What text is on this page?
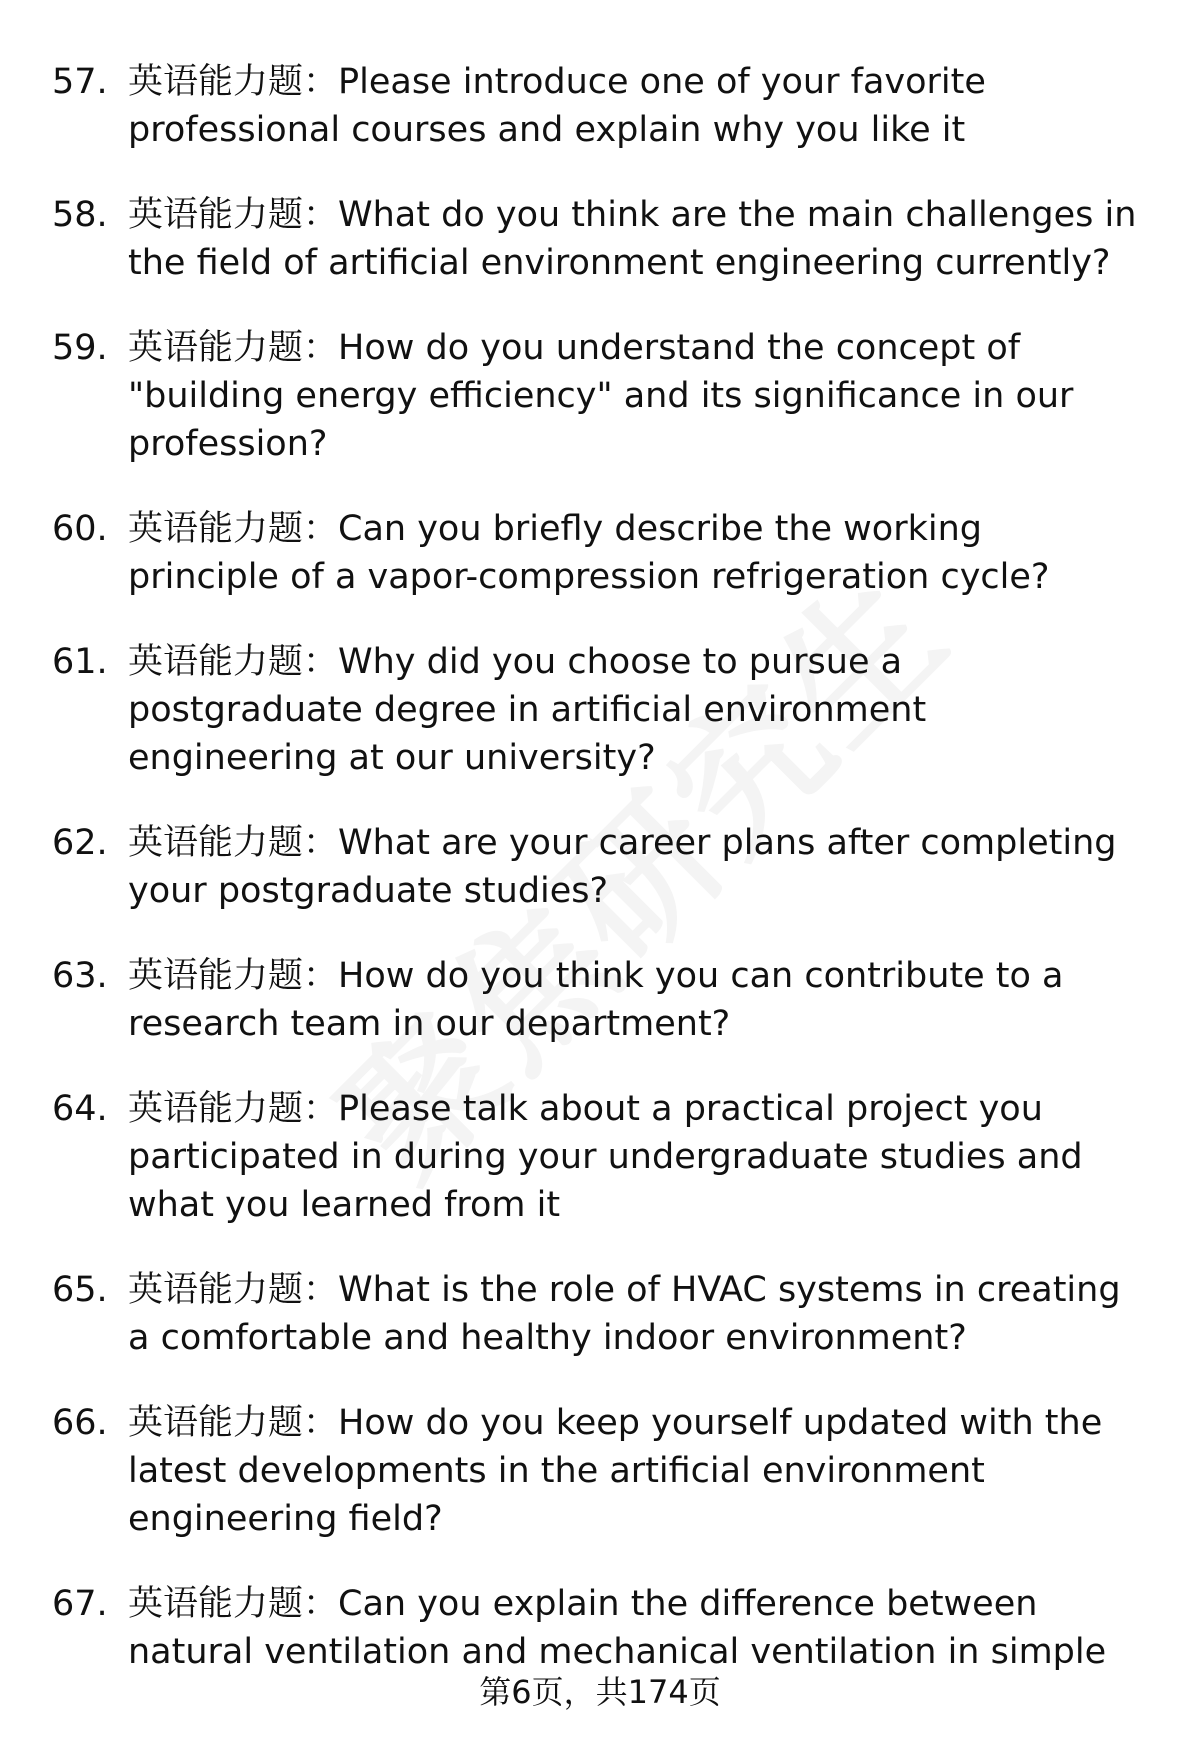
57. 英语能力题：Please introduce one of your favorite professional courses and explain why you like it
58. 英语能力题：What do you think are the main challenges in the field of artificial environment engineering currently?
59. 英语能力题：How do you understand the concept of "building energy efficiency" and its significance in our profession?
60. 英语能力题：Can you briefly describe the working principle of a vapor-compression refrigeration cycle?
61. 英语能力题：Why did you choose to pursue a postgraduate degree in artificial environment engineering at our university?
62. 英语能力题：What are your career plans after completing your postgraduate studies?
63. 英语能力题：How do you think you can contribute to a research team in our department?
64. 英语能力题：Please talk about a practical project you participated in during your undergraduate studies and what you learned from it
65. 英语能力题：What is the role of HVAC systems in creating a comfortable and healthy indoor environment?
66. 英语能力题：How do you keep yourself updated with the latest developments in the artificial environment engineering field?
67. 英语能力题：Can you explain the difference between natural ventilation and mechanical ventilation in simple
第6页，共174页
